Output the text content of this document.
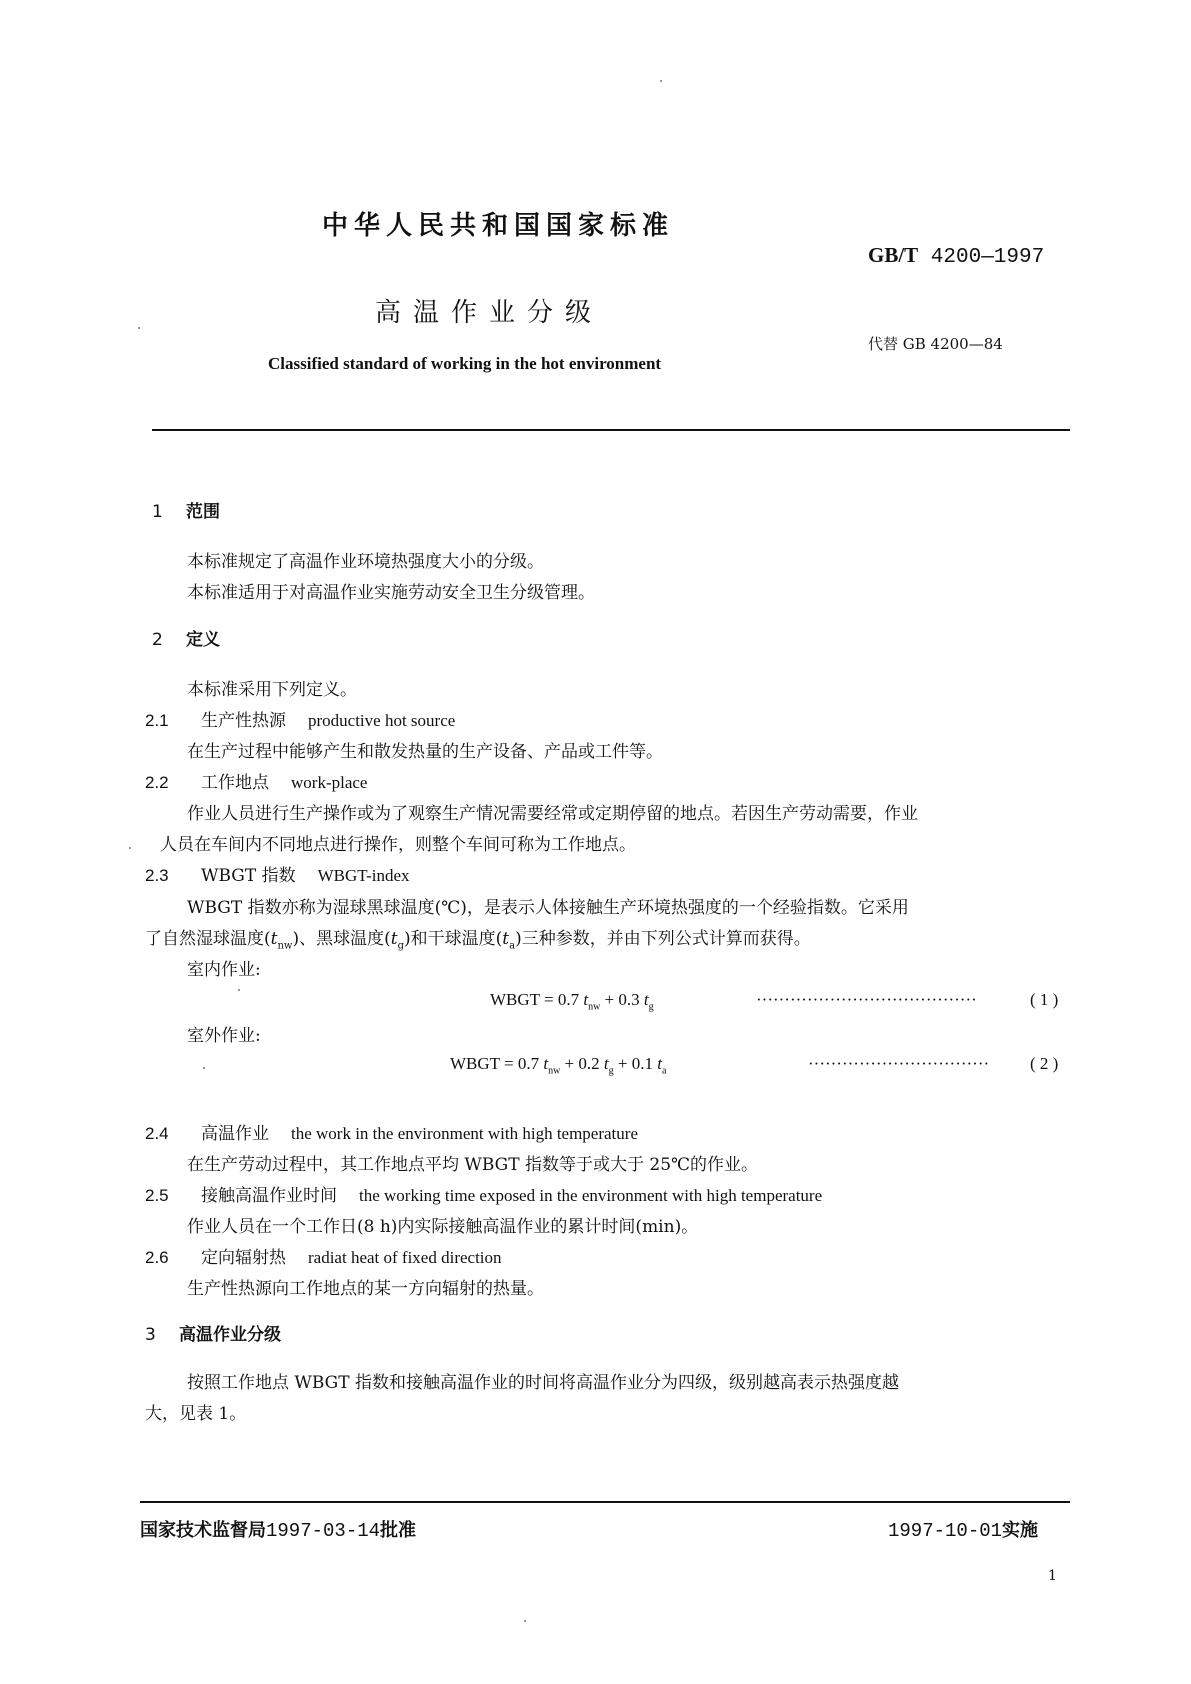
中华人民共和国国家标准
GB/T 4200—1997
高温作业分级
代替 GB 4200—84
Classified standard of working in the hot environment
1 范围
本标准规定了高温作业环境热强度大小的分级。
本标准适用于对高温作业实施劳动安全卫生分级管理。
2 定义
本标准采用下列定义。
2.1 生产性热源 productive hot source
在生产过程中能够产生和散发热量的生产设备、产品或工件等。
2.2 工作地点 work-place
作业人员进行生产操作或为了观察生产情况需要经常或定期停留的地点。若因生产劳动需要，作业
人员在车间内不同地点进行操作，则整个车间可称为工作地点。
2.3 WBGT 指数 WBGT-index
WBGT 指数亦称为湿球黑球温度(℃)，是表示人体接触生产环境热强度的一个经验指数。它采用
了自然湿球温度$(t_{nw})$、黑球温度$(t_g)$和干球温度$(t_a)$三种参数，并由下列公式计算而获得。
室内作业:
WBGT = 0.7 $t_{nw} + 0.3$ $t_g$	·······································	( 1 )
室外作业:
WBGT = 0.7 $t_{nw} + 0.2$ $t_g + 0.1$ $t_a$	································ ( 2 )
2.4 高温作业 the work in the environment with high temperature
在生产劳动过程中，其工作地点平均 WBGT 指数等于或大于 25℃的作业。
2.5 接触高温作业时间 the working time exposed in the environment with high temperature
作业人员在一个工作日(8 h)内实际接触高温作业的累计时间(min)。
2.6 定向辐射热 radiat heat of fixed direction
生产性热源向工作地点的某一方向辐射的热量。
3 高温作业分级
按照工作地点 WBGT 指数和接触高温作业的时间将高温作业分为四级，级别越高表示热强度越
大，见表 1。
国家技术监督局1997-03-14批准	1997-10-01实施
1
